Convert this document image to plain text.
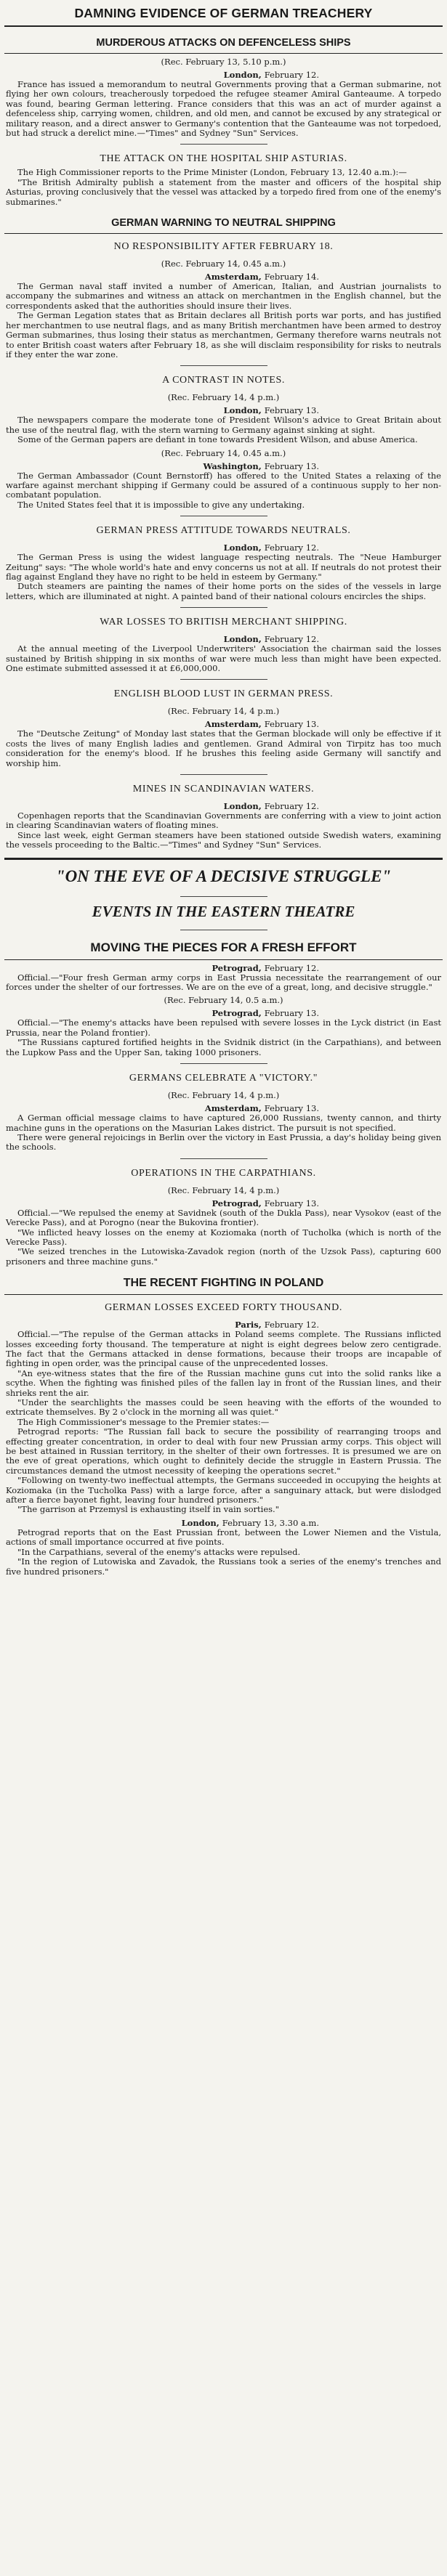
DAMNING EVIDENCE OF GERMAN TREACHERY
MURDEROUS ATTACKS ON DEFENCELESS SHIPS
(Rec. February 13, 5.10 p.m.)
London, February 12.

France has issued a memorandum to neutral Governments proving that a German submarine, not flying her own colours, treacherously torpedoed the refugee steamer Amiral Ganteaume. A torpedo was found, bearing German lettering. France considers that this was an act of murder against a defenceless ship, carrying women, children, and old men, and cannot be excused by any strategical or military reason, and a direct answer to Germany's contention that the Ganteaume was not torpedoed, but had struck a derelict mine.—"Times" and Sydney "Sun" Services.

THE ATTACK ON THE HOSPITAL SHIP ASTURIAS.

The High Commissioner reports to the Prime Minister (London, February 13, 12.40 a.m.):—

"The British Admiralty publish a statement from the master and officers of the hospital ship Asturias, proving conclusively that the vessel was attacked by a torpedo fired from one of the enemy's submarines."

GERMAN WARNING TO NEUTRAL SHIPPING
NO RESPONSIBILITY AFTER FEBRUARY 18.
(Rec. February 14, 0.45 a.m.)
Amsterdam, February 14.

The German naval staff invited a number of American, Italian, and Austrian journalists to accompany the submarines and witness an attack on merchantmen in the English channel, but the correspondents asked that the authorities should insure their lives.

The German Legation states that as Britain declares all British ports war ports, and has justified her merchantmen to use neutral flags, and as many British merchantmen have been armed to destroy German submarines, thus losing their status as merchantmen, Germany therefore warns neutrals not to enter British coast waters after February 18, as she will disclaim responsibility for risks to neutrals if they enter the war zone.

A CONTRAST IN NOTES.
(Rec. February 14, 4 p.m.)
London, February 13.

The newspapers compare the moderate tone of President Wilson's advice to Great Britain about the use of the neutral flag, with the stern warning to Germany against sinking at sight.

Some of the German papers are defiant in tone towards President Wilson, and abuse America.

(Rec. February 14, 0.45 a.m.)
Washington, February 13.

The German Ambassador (Count Bernstorff) has offered to the United States a relaxing of the warfare against merchant shipping if Germany could be assured of a continuous supply to her non-combatant population.

The United States feel that it is impossible to give any undertaking.

GERMAN PRESS ATTITUDE TOWARDS NEUTRALS.
London, February 12.

The German Press is using the widest language respecting neutrals. The "Neue Hamburger Zeitung" says: "The whole world's hate and envy concerns us not at all. If neutrals do not protest their flag against England they have no right to be held in esteem by Germany."

Dutch steamers are painting the names of their home ports on the sides of the vessels in large letters, which are illuminated at night. A painted band of their national colours encircles the ships.

WAR LOSSES TO BRITISH MERCHANT SHIPPING.
London, February 12.

At the annual meeting of the Liverpool Underwriters' Association the chairman said the losses sustained by British shipping in six months of war were much less than might have been expected. One estimate submitted assessed it at £6,000,000.

ENGLISH BLOOD LUST IN GERMAN PRESS.
(Rec. February 14, 4 p.m.)
Amsterdam, February 13.

The "Deutsche Zeitung" of Monday last states that the German blockade will only be effective if it costs the lives of many English ladies and gentlemen. Grand Admiral von Tirpitz has too much consideration for the enemy's blood. If he brushes this feeling aside Germany will sanctify and worship him.

MINES IN SCANDINAVIAN WATERS.
London, February 12.

Copenhagen reports that the Scandinavian Governments are conferring with a view to joint action in clearing Scandinavian waters of floating mines.

Since last week, eight German steamers have been stationed outside Swedish waters, examining the vessels proceeding to the Baltic.—"Times" and Sydney "Sun" Services.

"ON THE EVE OF A DECISIVE STRUGGLE"
EVENTS IN THE EASTERN THEATRE
MOVING THE PIECES FOR A FRESH EFFORT
Petrograd, February 12.

Official.—"Four fresh German army corps in East Prussia necessitate the rearrangement of our forces under the shelter of our fortresses. We are on the eve of a great, long, and decisive struggle."

(Rec. February 14, 0.5 a.m.)
Petrograd, February 13.

Official.—"The enemy's attacks have been repulsed with severe losses in the Lyck district (in East Prussia, near the Poland frontier).

"The Russians captured fortified heights in the Svidnik district (in the Carpathians), and between the Lupkow Pass and the Upper San, taking 1000 prisoners.

GERMANS CELEBRATE A "VICTORY."
(Rec. February 14, 4 p.m.)
Amsterdam, February 13.

A German official message claims to have captured 26,000 Russians, twenty cannon, and thirty machine guns in the operations on the Masurian Lakes district. The pursuit is not specified.

There were general rejoicings in Berlin over the victory in East Prussia, a day's holiday being given the schools.

OPERATIONS IN THE CARPATHIANS.
(Rec. February 14, 4 p.m.)
Petrograd, February 13.

Official.—"We repulsed the enemy at Savidnek (south of the Dukla Pass), near Vysokov (east of the Verecke Pass), and at Porogno (near the Bukovina frontier).

"We inflicted heavy losses on the enemy at Koziomaka (north of Tucholka (which is north of the Verecke Pass).

"We seized trenches in the Lutowiska-Zavadok region (north of the Uzsok Pass), capturing 600 prisoners and three machine guns."

THE RECENT FIGHTING IN POLAND
GERMAN LOSSES EXCEED FORTY THOUSAND.
Paris, February 12.

Official.—"The repulse of the German attacks in Poland seems complete. The Russians inflicted losses exceeding forty thousand. The temperature at night is eight degrees below zero centigrade. The fact that the Germans attacked in dense formations, because their troops are incapable of fighting in open order, was the principal cause of the unprecedented losses.

"An eye-witness states that the fire of the Russian machine guns cut into the solid ranks like a scythe. When the fighting was finished piles of the fallen lay in front of the Russian lines, and their shrieks rent the air.

"Under the searchlights the masses could be seen heaving with the efforts of the wounded to extricate themselves. By 2 o'clock in the morning all was quiet."

The High Commissioner's message to the Premier states:—

Petrograd reports: "The Russian fall back to secure the possibility of rearranging troops and effecting greater concentration, in order to deal with four new Prussian army corps. This object will be best attained in Russian territory, in the shelter of their own fortresses. It is presumed we are on the eve of great operations, which ought to definitely decide the struggle in Eastern Prussia. The circumstances demand the utmost necessity of keeping the operations secret."

"Following on twenty-two ineffectual attempts, the Germans succeeded in occupying the heights at Koziomaka (in the Tucholka Pass) with a large force, after a sanguinary attack, but were dislodged after a fierce bayonet fight, leaving four hundred prisoners."

"The garrison at Przemysl is exhausting itself in vain sorties."

London, February 13, 3.30 a.m.

Petrograd reports that on the East Prussian front, between the Lower Niemen and the Vistula, actions of small importance occurred at five points.

"In the Carpathians, several of the enemy's attacks were repulsed.

"In the region of Lutowiska and Zavadok, the Russians took a series of the enemy's trenches and five hundred prisoners."
